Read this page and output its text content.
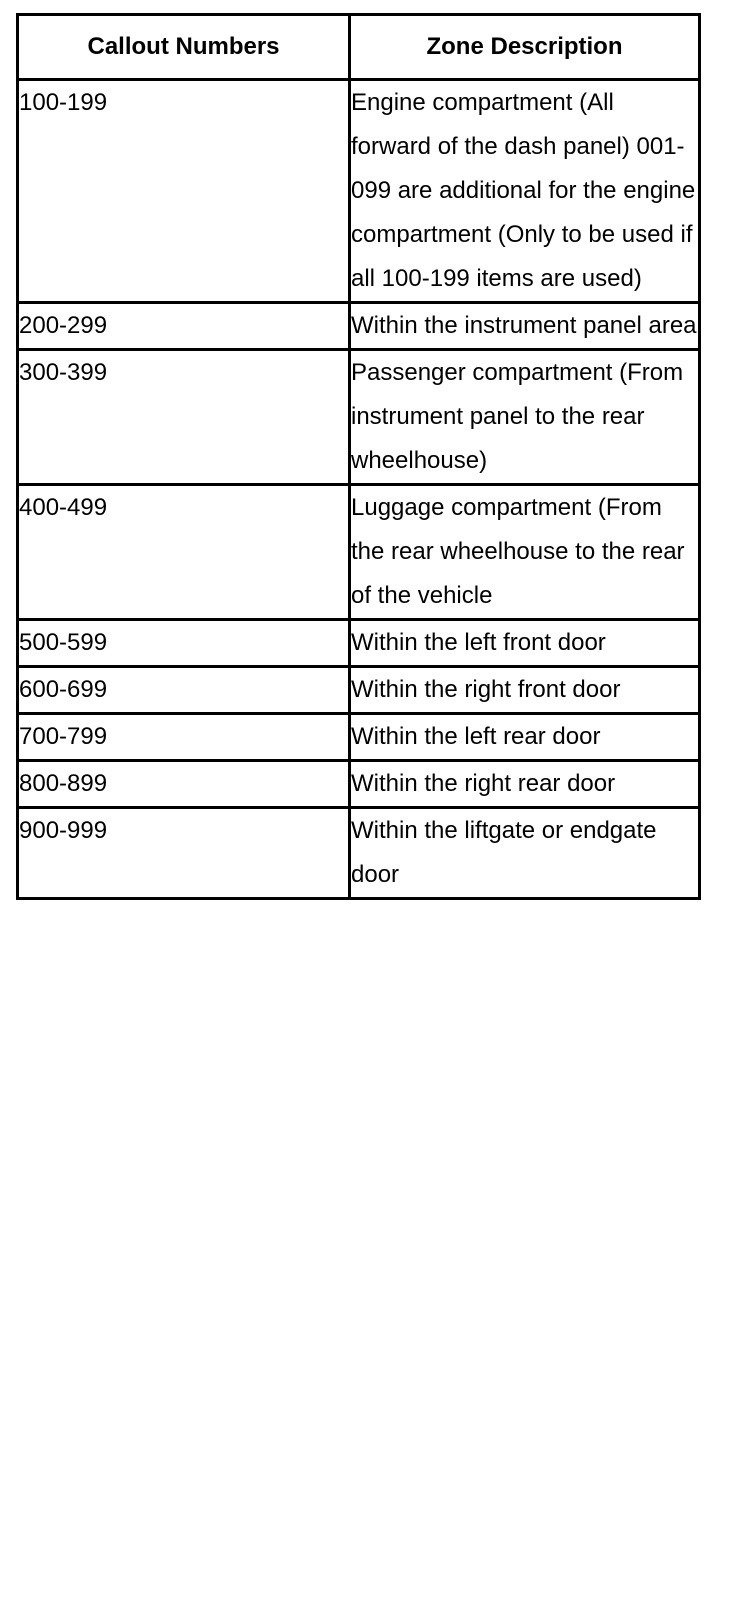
Callout Numbers	Zone Description
100-199	Engine compartment (All forward of the dash panel) 001-099 are additional for the engine compartment (Only to be used if all 100-199 items are used)
200-299	Within the instrument panel area
300-399	Passenger compartment (From instrument panel to the rear wheelhouse)
400-499	Luggage compartment (From the rear wheelhouse to the rear of the vehicle
500-599	Within the left front door
600-699	Within the right front door
700-799	Within the left rear door
800-899	Within the right rear door
900-999	Within the liftgate or endgate door
